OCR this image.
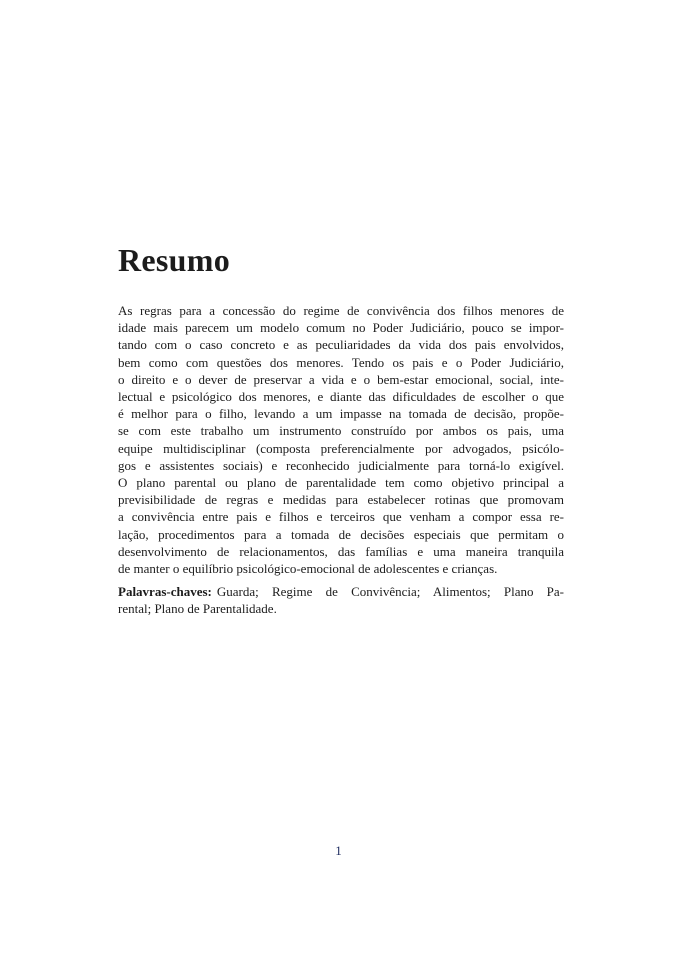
Resumo
As regras para a concessão do regime de convivência dos filhos menores de
idade mais parecem um modelo comum no Poder Judiciário, pouco se impor-
tando com o caso concreto e as peculiaridades da vida dos pais envolvidos,
bem como com questões dos menores. Tendo os pais e o Poder Judiciário,
o direito e o dever de preservar a vida e o bem-estar emocional, social, inte-
lectual e psicológico dos menores, e diante das dificuldades de escolher o que
é melhor para o filho, levando a um impasse na tomada de decisão, propõe-
se com este trabalho um instrumento construído por ambos os pais, uma
equipe multidisciplinar (composta preferencialmente por advogados, psicólo-
gos e assistentes sociais) e reconhecido judicialmente para torná-lo exigível.
O plano parental ou plano de parentalidade tem como objetivo principal a
previsibilidade de regras e medidas para estabelecer rotinas que promovam
a convivência entre pais e filhos e terceiros que venham a compor essa re-
lação, procedimentos para a tomada de decisões especiais que permitam o
desenvolvimento de relacionamentos, das famílias e uma maneira tranquila
de manter o equilíbrio psicológico-emocional de adolescentes e crianças.
Palavras-chaves: Guarda; Regime de Convivência; Alimentos; Plano Pa-
rental; Plano de Parentalidade.
1
